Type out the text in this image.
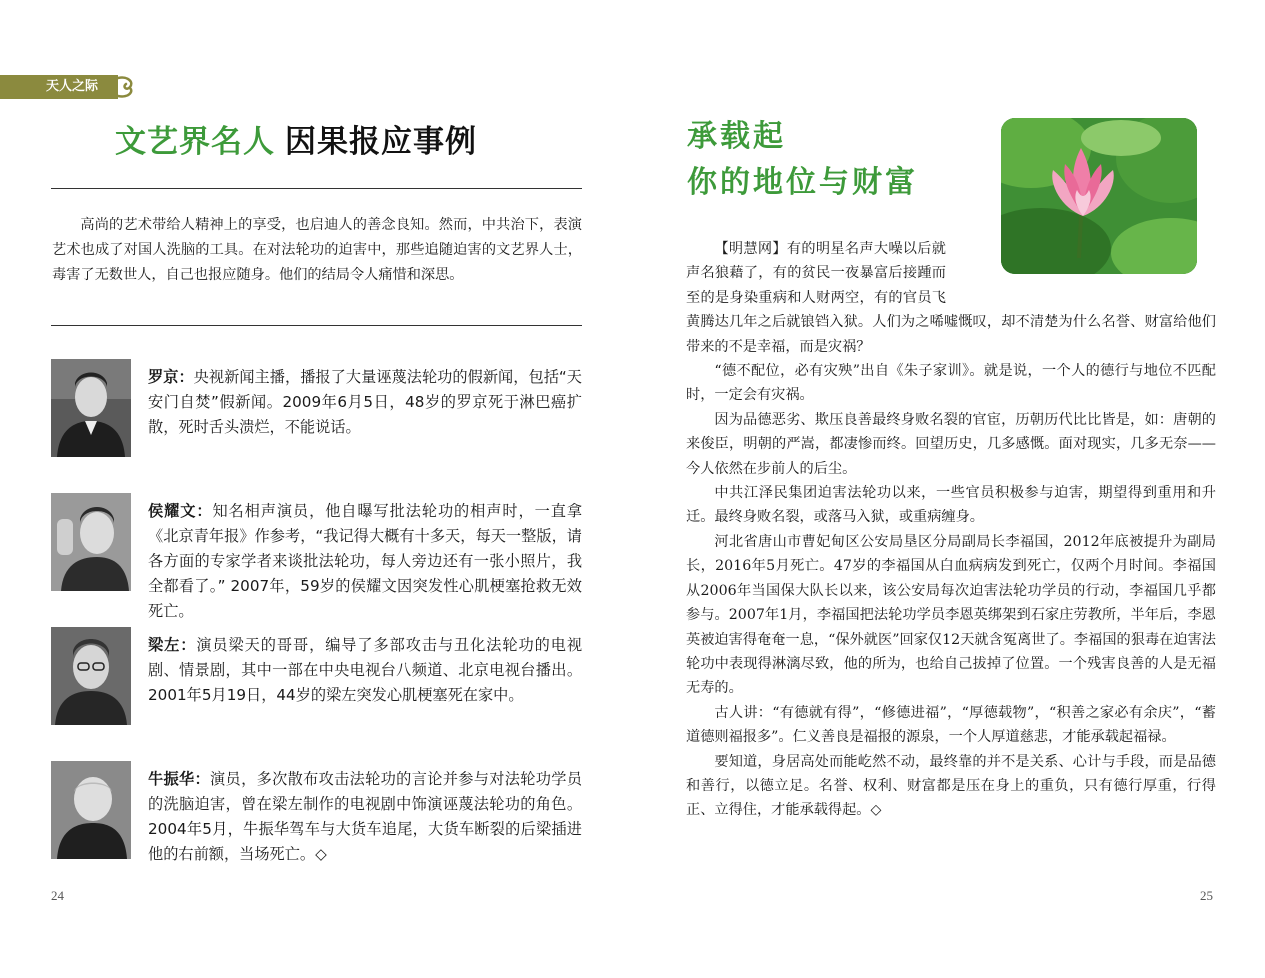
天人之际
文艺界名人 因果报应事例

高尚的艺术带给人精神上的享受，也启迪人的善念良知。然而，中共治下，表演艺术也成了对国人洗脑的工具。在对法轮功的迫害中，那些追随迫害的文艺界人士，毒害了无数世人，自己也报应随身。他们的结局令人痛惜和深思。

罗京：央视新闻主播，播报了大量诬蔑法轮功的假新闻，包括“天安门自焚”假新闻。2009年6月5日，48岁的罗京死于淋巴癌扩散，死时舌头溃烂，不能说话。
侯耀文：知名相声演员，他自曝写批法轮功的相声时，一直拿《北京青年报》作参考，“我记得大概有十多天，每天一整版，请各方面的专家学者来谈批法轮功，每人旁边还有一张小照片，我全都看了。” 2007年，59岁的侯耀文因突发性心肌梗塞抢救无效死亡。
梁左：演员梁天的哥哥，编导了多部攻击与丑化法轮功的电视剧、情景剧，其中一部在中央电视台八频道、北京电视台播出。2001年5月19日，44岁的梁左突发心肌梗塞死在家中。
牛振华：演员，多次散布攻击法轮功的言论并参与对法轮功学员的洗脑迫害，曾在梁左制作的电视剧中饰演诬蔑法轮功的角色。2004年5月，牛振华驾车与大货车追尾，大货车断裂的后梁插进他的右前额，当场死亡。◇
24
承载起
你的地位与财富

【明慧网】有的明星名声大噪以后就声名狼藉了，有的贫民一夜暴富后接踵而至的是身染重病和人财两空，有的官员飞黄腾达几年之后就锒铛入狱。人们为之唏嘘慨叹，却不清楚为什么名誉、财富给他们带来的不是幸福，而是灾祸？

“德不配位，必有灾殃”出自《朱子家训》。就是说，一个人的德行与地位不匹配时，一定会有灾祸。

因为品德恶劣、欺压良善最终身败名裂的官宦，历朝历代比比皆是，如：唐朝的来俊臣，明朝的严嵩，都凄惨而终。回望历史，几多感慨。面对现实，几多无奈——今人依然在步前人的后尘。

中共江泽民集团迫害法轮功以来，一些官员积极参与迫害，期望得到重用和升迁。最终身败名裂，或落马入狱，或重病缠身。

河北省唐山市曹妃甸区公安局垦区分局副局长李福国，2012年底被提升为副局长，2016年5月死亡。47岁的李福国从白血病病发到死亡，仅两个月时间。李福国从2006年当国保大队长以来，该公安局每次迫害法轮功学员的行动，李福国几乎都参与。2007年1月，李福国把法轮功学员李恩英绑架到石家庄劳教所，半年后，李恩英被迫害得奄奄一息，“保外就医”回家仅12天就含冤离世了。李福国的狠毒在迫害法轮功中表现得淋漓尽致，他的所为，也给自己拔掉了位置。一个残害良善的人是无福无寿的。

古人讲：“有德就有得”，“修德进福”，“厚德载物”，“积善之家必有余庆”，“蓄道德则福报多”。仁义善良是福报的源泉，一个人厚道慈悲，才能承载起福禄。

要知道，身居高处而能屹然不动，最终靠的并不是关系、心计与手段，而是品德和善行，以德立足。名誉、权利、财富都是压在身上的重负，只有德行厚重，行得正、立得住，才能承载得起。◇

25
